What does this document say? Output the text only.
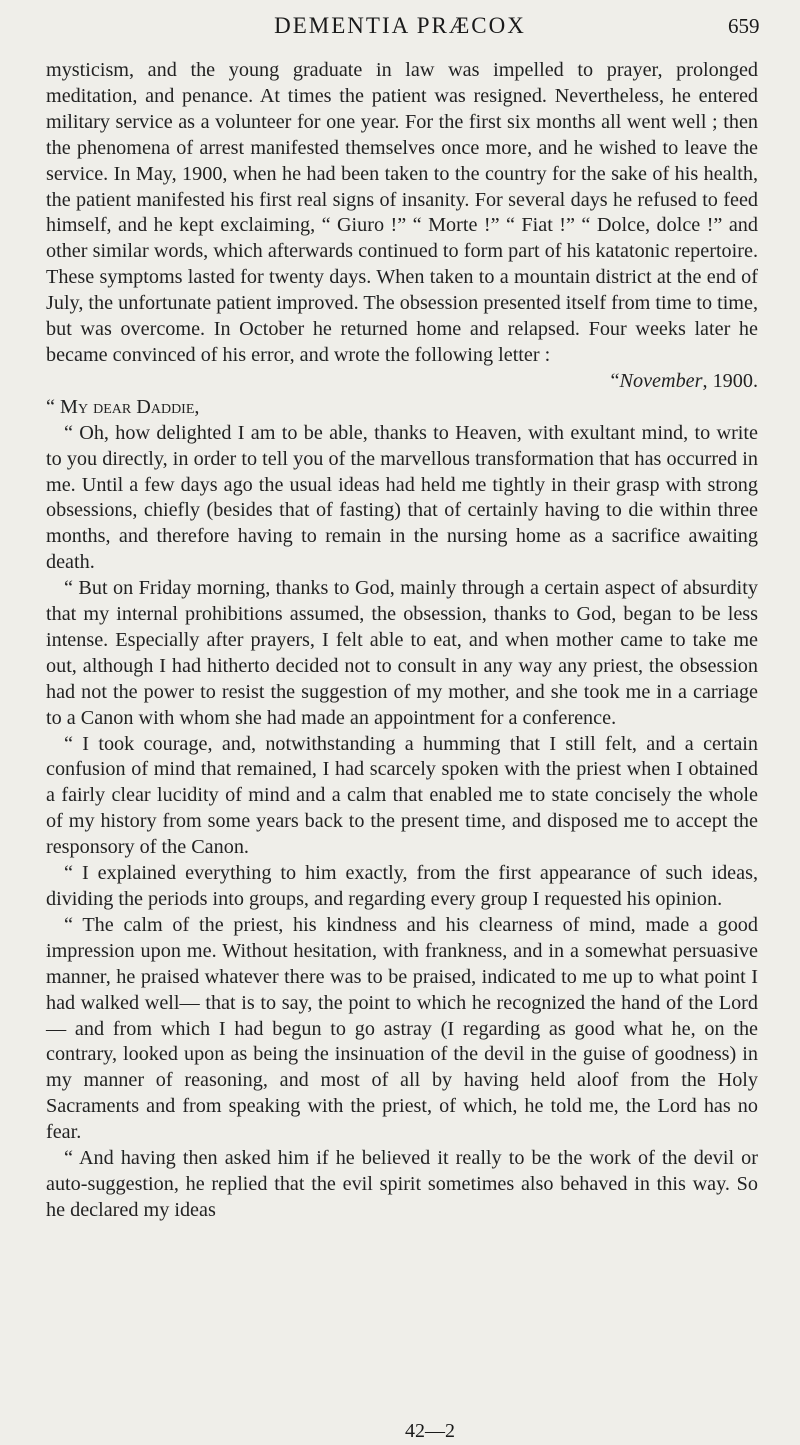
DEMENTIA PRÆCOX	659

mysticism, and the young graduate in law was impelled to prayer, prolonged meditation, and penance. At times the patient was resigned. Nevertheless, he entered military service as a volunteer for one year. For the first six months all went well ; then the phenomena of arrest manifested themselves once more, and he wished to leave the service. In May, 1900, when he had been taken to the country for the sake of his health, the patient manifested his first real signs of insanity. For several days he refused to feed himself, and he kept exclaiming, “ Giuro !” “ Morte !” “ Fiat !” “ Dolce, dolce !” and other similar words, which afterwards continued to form part of his katatonic repertoire. These symptoms lasted for twenty days. When taken to a mountain district at the end of July, the unfortunate patient improved. The obsession presented itself from time to time, but was overcome. In October he returned home and relapsed. Four weeks later he became convinced of his error, and wrote the following letter :

“November, 1900.

“ My dear Daddie,

“ Oh, how delighted I am to be able, thanks to Heaven, with exultant mind, to write to you directly, in order to tell you of the marvellous transformation that has occurred in me. Until a few days ago the usual ideas had held me tightly in their grasp with strong obsessions, chiefly (besides that of fasting) that of certainly having to die within three months, and therefore having to remain in the nursing home as a sacrifice awaiting death.

“ But on Friday morning, thanks to God, mainly through a certain aspect of absurdity that my internal prohibitions assumed, the obsession, thanks to God, began to be less intense. Especially after prayers, I felt able to eat, and when mother came to take me out, although I had hitherto decided not to consult in any way any priest, the obsession had not the power to resist the suggestion of my mother, and she took me in a carriage to a Canon with whom she had made an appointment for a conference.

“ I took courage, and, notwithstanding a humming that I still felt, and a certain confusion of mind that remained, I had scarcely spoken with the priest when I obtained a fairly clear lucidity of mind and a calm that enabled me to state concisely the whole of my history from some years back to the present time, and disposed me to accept the responsory of the Canon.

“ I explained everything to him exactly, from the first appearance of such ideas, dividing the periods into groups, and regarding every group I requested his opinion.

“ The calm of the priest, his kindness and his clearness of mind, made a good impression upon me. Without hesitation, with frankness, and in a somewhat persuasive manner, he praised whatever there was to be praised, indicated to me up to what point I had walked well— that is to say, the point to which he recognized the hand of the Lord— and from which I had begun to go astray (I regarding as good what he, on the contrary, looked upon as being the insinuation of the devil in the guise of goodness) in my manner of reasoning, and most of all by having held aloof from the Holy Sacraments and from speaking with the priest, of which, he told me, the Lord has no fear.

“ And having then asked him if he believed it really to be the work of the devil or auto-suggestion, he replied that the evil spirit sometimes also behaved in this way. So he declared my ideas

42—2
